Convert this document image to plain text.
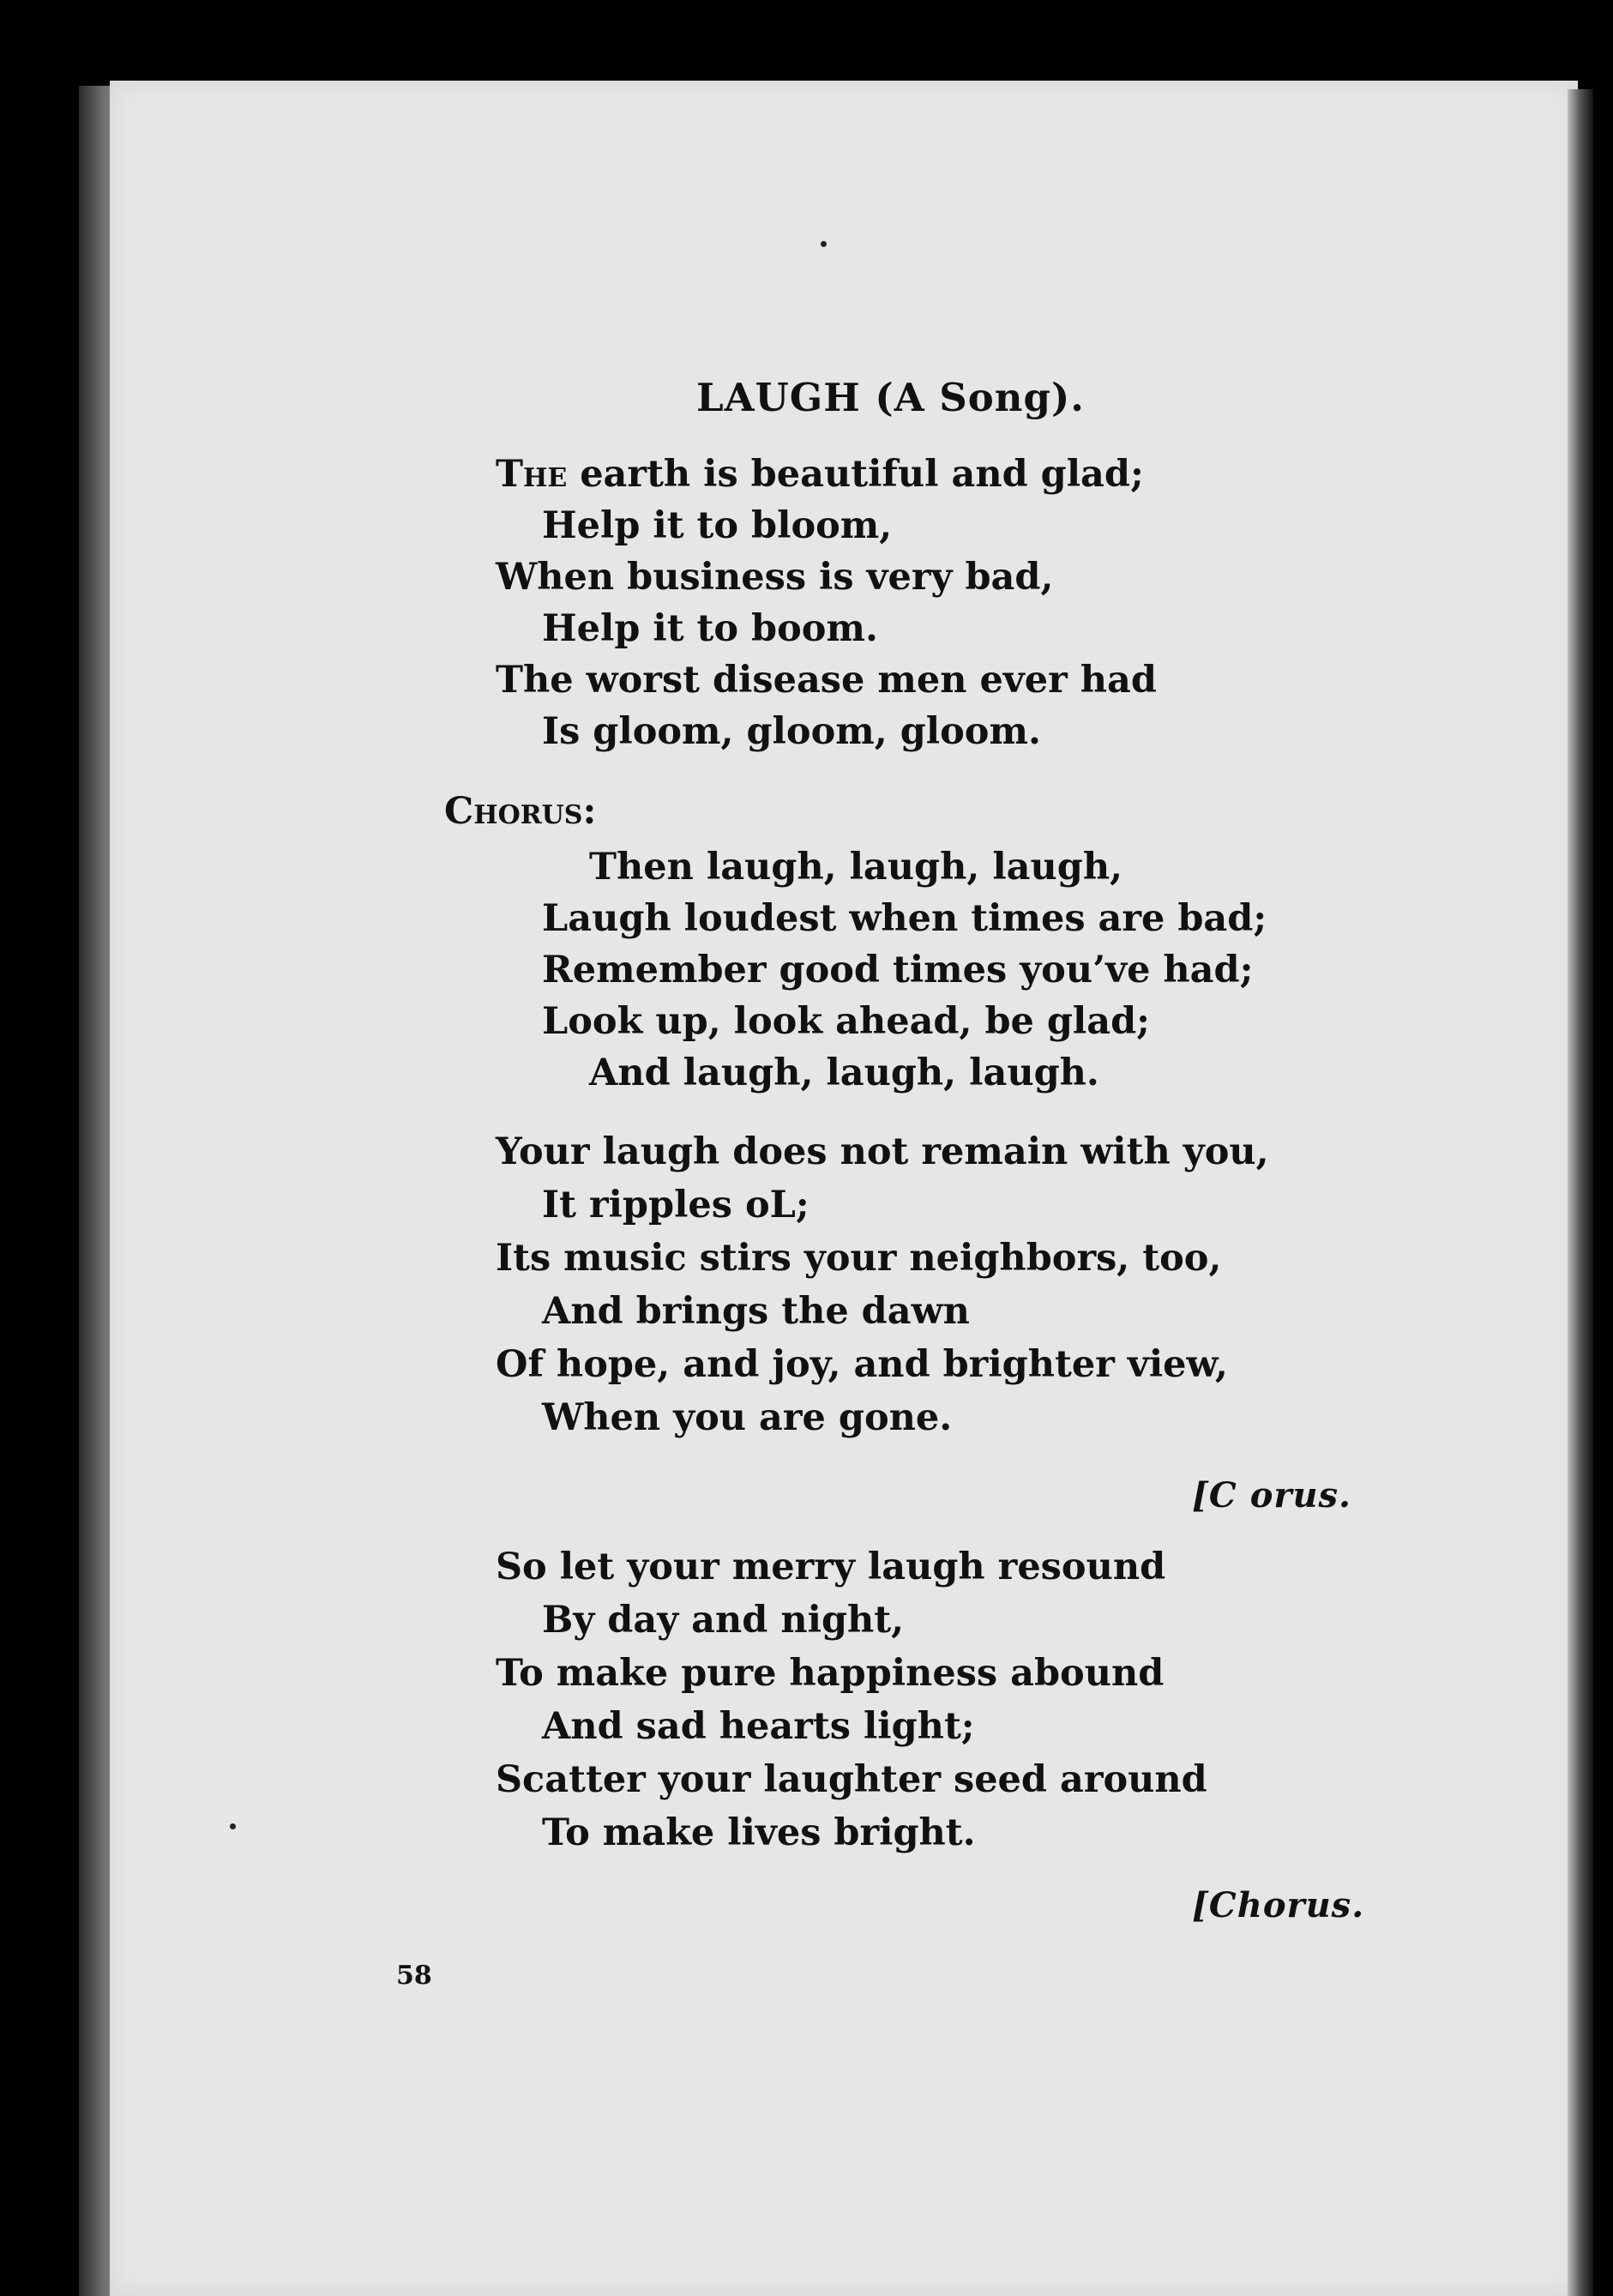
LAUGH (A Song).
The earth is beautiful and glad;
Help it to bloom,
When business is very bad,
Help it to boom.
The worst disease men ever had
Is gloom, gloom, gloom.
Chorus:
Then laugh, laugh, laugh,
Laugh loudest when times are bad;
Remember good times you’ve had;
Look up, look ahead, be glad;
And laugh, laugh, laugh.
Your laugh does not remain with you,
It ripples oL;
Its music stirs your neighbors, too,
And brings the dawn
Of hope, and joy, and brighter view,
When you are gone.
[C orus.
So let your merry laugh resound
By day and night,
To make pure happiness abound
And sad hearts light;
Scatter your laughter seed around
To make lives bright.
[Chorus.
58
